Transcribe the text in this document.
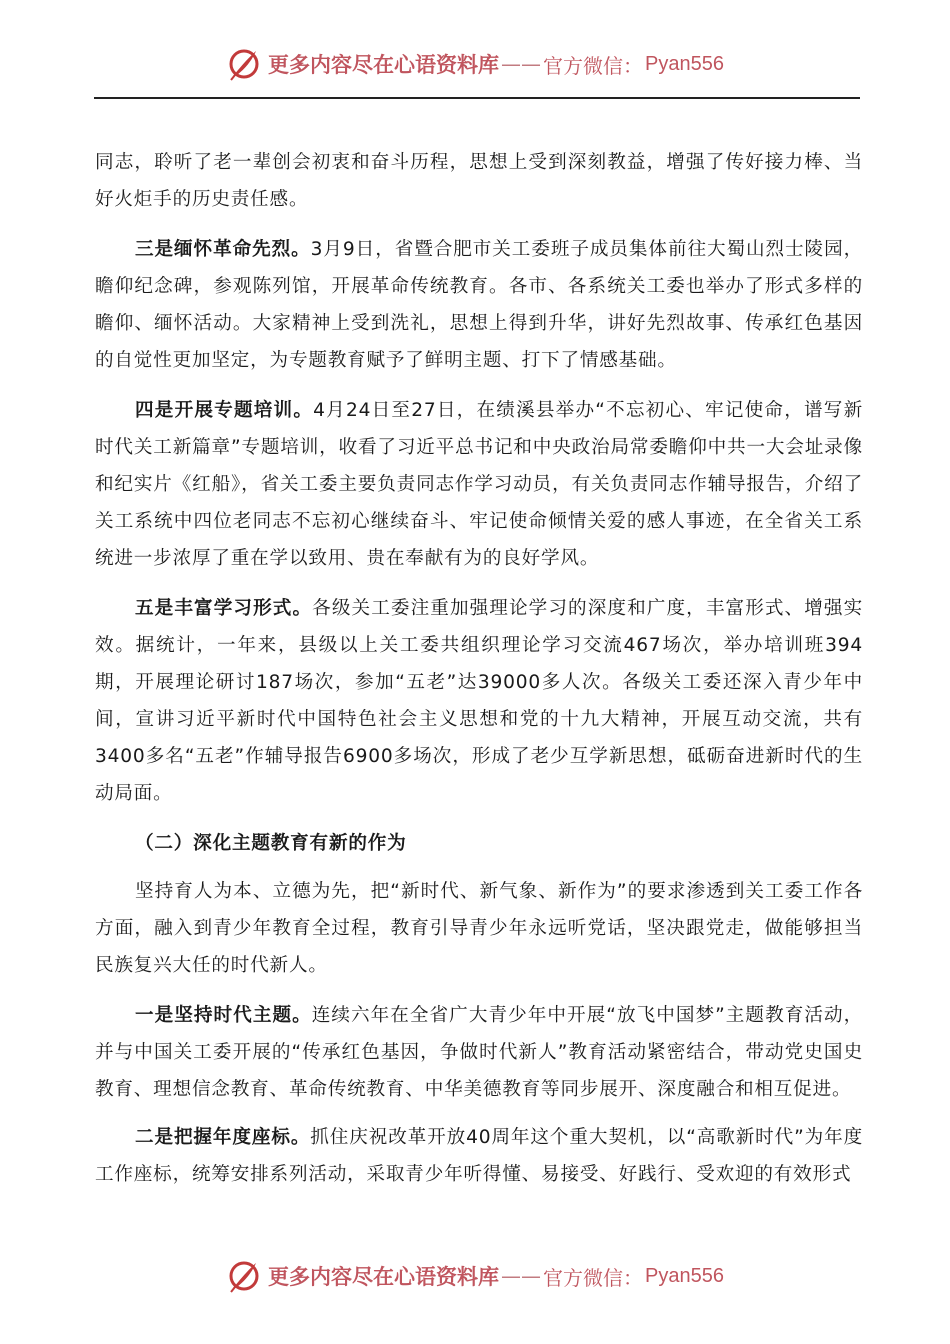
更多内容尽在心语资料库 —— 官方微信： Pyan556

同志，聆听了老一辈创会初衷和奋斗历程，思想上受到深刻教益，增强了传好接力棒、当好火炬手的历史责任感。

三是缅怀革命先烈。3月9日，省暨合肥市关工委班子成员集体前往大蜀山烈士陵园，瞻仰纪念碑，参观陈列馆，开展革命传统教育。各市、各系统关工委也举办了形式多样的瞻仰、缅怀活动。大家精神上受到洗礼，思想上得到升华，讲好先烈故事、传承红色基因的自觉性更加坚定，为专题教育赋予了鲜明主题、打下了情感基础。

四是开展专题培训。4月24日至27日，在绩溪县举办“不忘初心、牢记使命，谱写新时代关工新篇章”专题培训，收看了习近平总书记和中央政治局常委瞻仰中共一大会址录像和纪实片《红船》，省关工委主要负责同志作学习动员，有关负责同志作辅导报告，介绍了关工系统中四位老同志不忘初心继续奋斗、牢记使命倾情关爱的感人事迹，在全省关工系统进一步浓厚了重在学以致用、贵在奉献有为的良好学风。

五是丰富学习形式。各级关工委注重加强理论学习的深度和广度，丰富形式、增强实效。据统计，一年来，县级以上关工委共组织理论学习交流467场次，举办培训班394期，开展理论研讨187场次，参加“五老”达39000多人次。各级关工委还深入青少年中间，宣讲习近平新时代中国特色社会主义思想和党的十九大精神，开展互动交流，共有3400多名“五老”作辅导报告6900多场次，形成了老少互学新思想，砥砺奋进新时代的生动局面。

（二）深化主题教育有新的作为

坚持育人为本、立德为先，把“新时代、新气象、新作为”的要求渗透到关工委工作各方面，融入到青少年教育全过程，教育引导青少年永远听党话，坚决跟党走，做能够担当民族复兴大任的时代新人。

一是坚持时代主题。连续六年在全省广大青少年中开展“放飞中国梦”主题教育活动，并与中国关工委开展的“传承红色基因，争做时代新人”教育活动紧密结合，带动党史国史教育、理想信念教育、革命传统教育、中华美德教育等同步展开、深度融合和相互促进。

二是把握年度座标。抓住庆祝改革开放40周年这个重大契机，以“高歌新时代”为年度工作座标，统筹安排系列活动，采取青少年听得懂、易接受、好践行、受欢迎的有效形式

更多内容尽在心语资料库 —— 官方微信： Pyan556
